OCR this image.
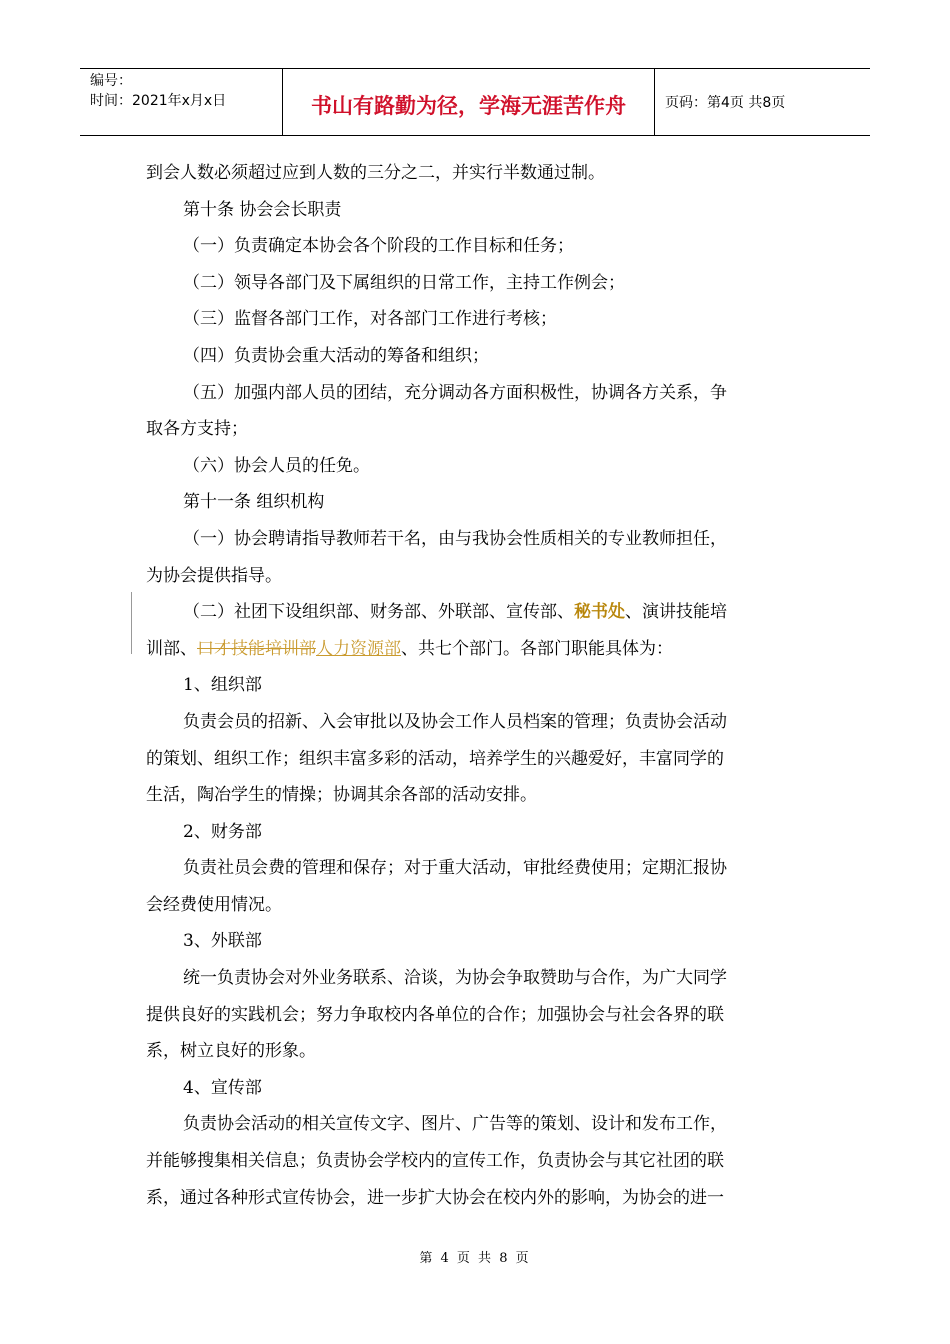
编号：
时间：2021年x月x日	书山有路勤为径，学海无涯苦作舟	页码：第4页 共8页

到会人数必须超过应到人数的三分之二，并实行半数通过制。

第十条 协会会长职责

（一）负责确定本协会各个阶段的工作目标和任务；

（二）领导各部门及下属组织的日常工作，主持工作例会；

（三）监督各部门工作，对各部门工作进行考核；

（四）负责协会重大活动的筹备和组织；

（五）加强内部人员的团结，充分调动各方面积极性，协调各方关系，争

取各方支持；

（六）协会人员的任免。

第十一条 组织机构

（一）协会聘请指导教师若干名，由与我协会性质相关的专业教师担任，

为协会提供指导。

（二）社团下设组织部、财务部、外联部、宣传部、秘书处、演讲技能培

训部、口才技能培训部人力资源部、共七个部门。各部门职能具体为：

1、组织部

负责会员的招新、入会审批以及协会工作人员档案的管理；负责协会活动

的策划、组织工作；组织丰富多彩的活动，培养学生的兴趣爱好，丰富同学的

生活，陶冶学生的情操；协调其余各部的活动安排。

2、财务部

负责社员会费的管理和保存；对于重大活动，审批经费使用；定期汇报协

会经费使用情况。

3、外联部

统一负责协会对外业务联系、洽谈，为协会争取赞助与合作，为广大同学

提供良好的实践机会；努力争取校内各单位的合作；加强协会与社会各界的联

系，树立良好的形象。

4、宣传部

负责协会活动的相关宣传文字、图片、广告等的策划、设计和发布工作，

并能够搜集相关信息；负责协会学校内的宣传工作，负责协会与其它社团的联

系，通过各种形式宣传协会，进一步扩大协会在校内外的影响，为协会的进一

第 4 页 共 8 页
